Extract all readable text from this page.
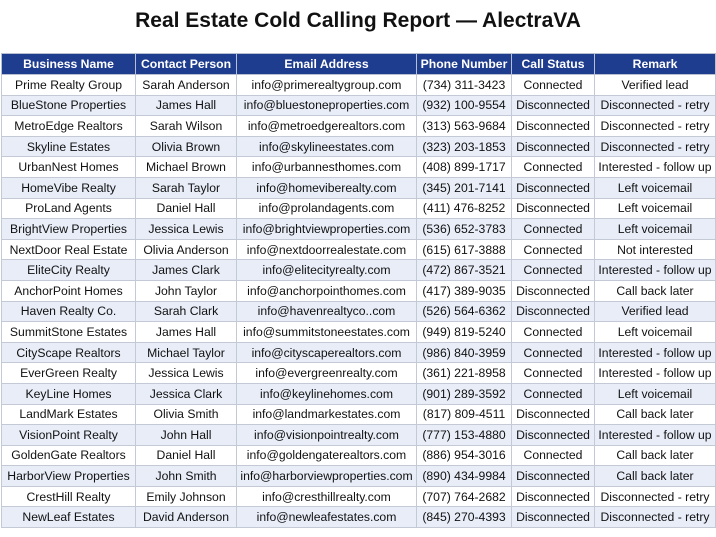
Real Estate Cold Calling Report — AlectraVA
Business Name	Contact Person	Email Address	Phone Number	Call Status	Remark
Prime Realty Group	Sarah Anderson	info@primerealtygroup.com	(734) 311-3423	Connected	Verified lead
BlueStone Properties	James Hall	info@bluestoneproperties.com	(932) 100-9554	Disconnected	Disconnected - retry
MetroEdge Realtors	Sarah Wilson	info@metroedgerealtors.com	(313) 563-9684	Disconnected	Disconnected - retry
Skyline Estates	Olivia Brown	info@skylineestates.com	(323) 203-1853	Disconnected	Disconnected - retry
UrbanNest Homes	Michael Brown	info@urbannesthomes.com	(408) 899-1717	Connected	Interested - follow up
HomeVibe Realty	Sarah Taylor	info@homeviberealty.com	(345) 201-7141	Disconnected	Left voicemail
ProLand Agents	Daniel Hall	info@prolandagents.com	(411) 476-8252	Disconnected	Left voicemail
BrightView Properties	Jessica Lewis	info@brightviewproperties.com	(536) 652-3783	Connected	Left voicemail
NextDoor Real Estate	Olivia Anderson	info@nextdoorrealestate.com	(615) 617-3888	Connected	Not interested
EliteCity Realty	James Clark	info@elitecityrealty.com	(472) 867-3521	Connected	Interested - follow up
AnchorPoint Homes	John Taylor	info@anchorpointhomes.com	(417) 389-9035	Disconnected	Call back later
Haven Realty Co.	Sarah Clark	info@havenrealtyco..com	(526) 564-6362	Disconnected	Verified lead
SummitStone Estates	James Hall	info@summitstoneestates.com	(949) 819-5240	Connected	Left voicemail
CityScape Realtors	Michael Taylor	info@cityscaperealtors.com	(986) 840-3959	Connected	Interested - follow up
EverGreen Realty	Jessica Lewis	info@evergreenrealty.com	(361) 221-8958	Connected	Interested - follow up
KeyLine Homes	Jessica Clark	info@keylinehomes.com	(901) 289-3592	Connected	Left voicemail
LandMark Estates	Olivia Smith	info@landmarkestates.com	(817) 809-4511	Disconnected	Call back later
VisionPoint Realty	John Hall	info@visionpointrealty.com	(777) 153-4880	Disconnected	Interested - follow up
GoldenGate Realtors	Daniel Hall	info@goldengaterealtors.com	(886) 954-3016	Connected	Call back later
HarborView Properties	John Smith	info@harborviewproperties.com	(890) 434-9984	Disconnected	Call back later
CrestHill Realty	Emily Johnson	info@cresthillrealty.com	(707) 764-2682	Disconnected	Disconnected - retry
NewLeaf Estates	David Anderson	info@newleafestates.com	(845) 270-4393	Disconnected	Disconnected - retry
